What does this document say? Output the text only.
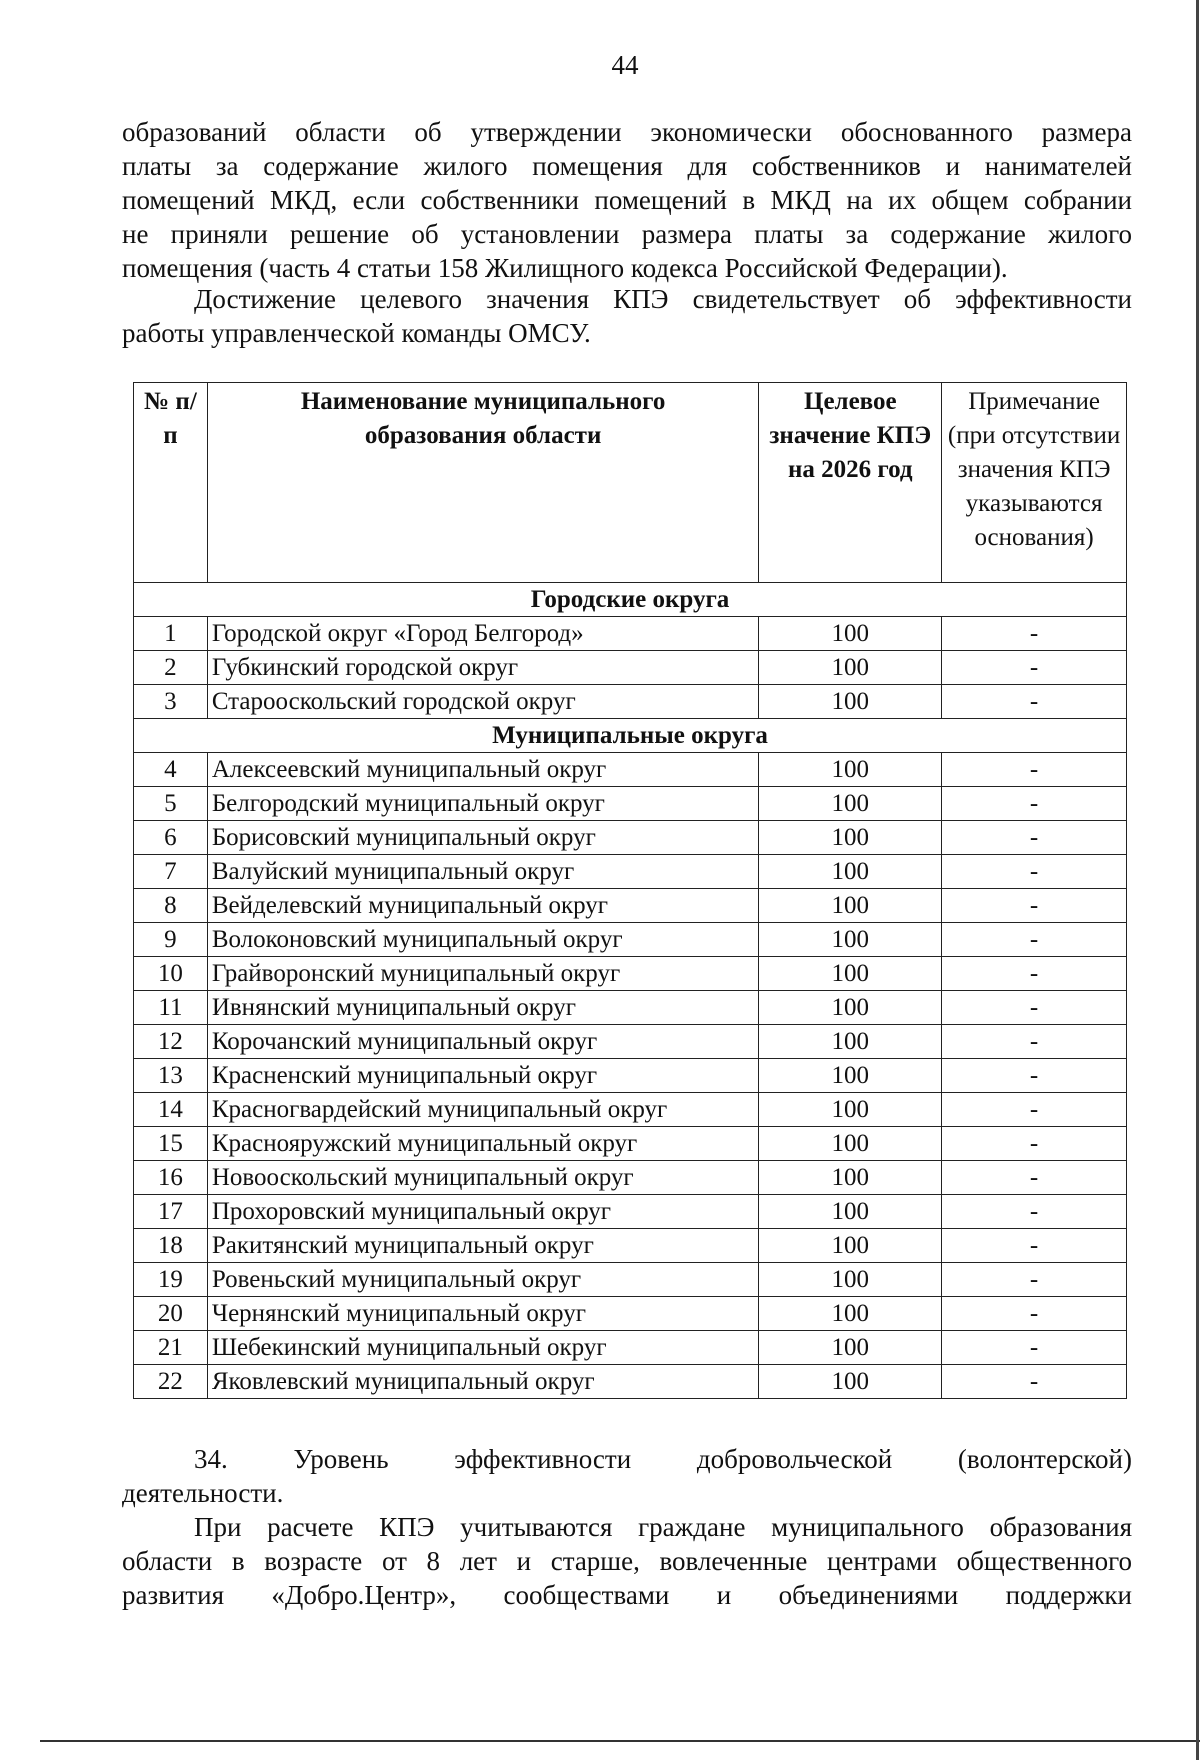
44
образований области об утверждении экономически обоснованного размера
платы за содержание жилого помещения для собственников и нанимателей
помещений МКД, если собственники помещений в МКД на их общем собрании
не приняли решение об установлении размера платы за содержание жилого
помещения (часть 4 статьи 158 Жилищного кодекса Российской Федерации).
Достижение целевого значения КПЭ свидетельствует об эффективности
работы управленческой команды ОМСУ.
№ п/п	Наименование муниципального образования области	Целевое значение КПЭ на 2026 год	Примечание (при отсутствии значения КПЭ указываются основания)
Городские округа			
1	Городской округ «Город Белгород»	100	-
2	Губкинский городской округ	100	-
3	Старооскольский городской округ	100	-
Муниципальные округа			
4	Алексеевский муниципальный округ	100	-
5	Белгородский муниципальный округ	100	-
6	Борисовский муниципальный округ	100	-
7	Валуйский муниципальный округ	100	-
8	Вейделевский муниципальный округ	100	-
9	Волоконовский муниципальный округ	100	-
10	Грайворонский муниципальный округ	100	-
11	Ивнянский муниципальный округ	100	-
12	Корочанский муниципальный округ	100	-
13	Красненский муниципальный округ	100	-
14	Красногвардейский муниципальный округ	100	-
15	Краснояружский муниципальный округ	100	-
16	Новооскольский муниципальный округ	100	-
17	Прохоровский муниципальный округ	100	-
18	Ракитянский муниципальный округ	100	-
19	Ровеньский муниципальный округ	100	-
20	Чернянский муниципальный округ	100	-
21	Шебекинский муниципальный округ	100	-
22	Яковлевский муниципальный округ	100	-
34. Уровень эффективности добровольческой (волонтерской)
деятельности.
При расчете КПЭ учитываются граждане муниципального образования
области в возрасте от 8 лет и старше, вовлеченные центрами общественного
развития «Добро.Центр», сообществами и объединениями поддержки
